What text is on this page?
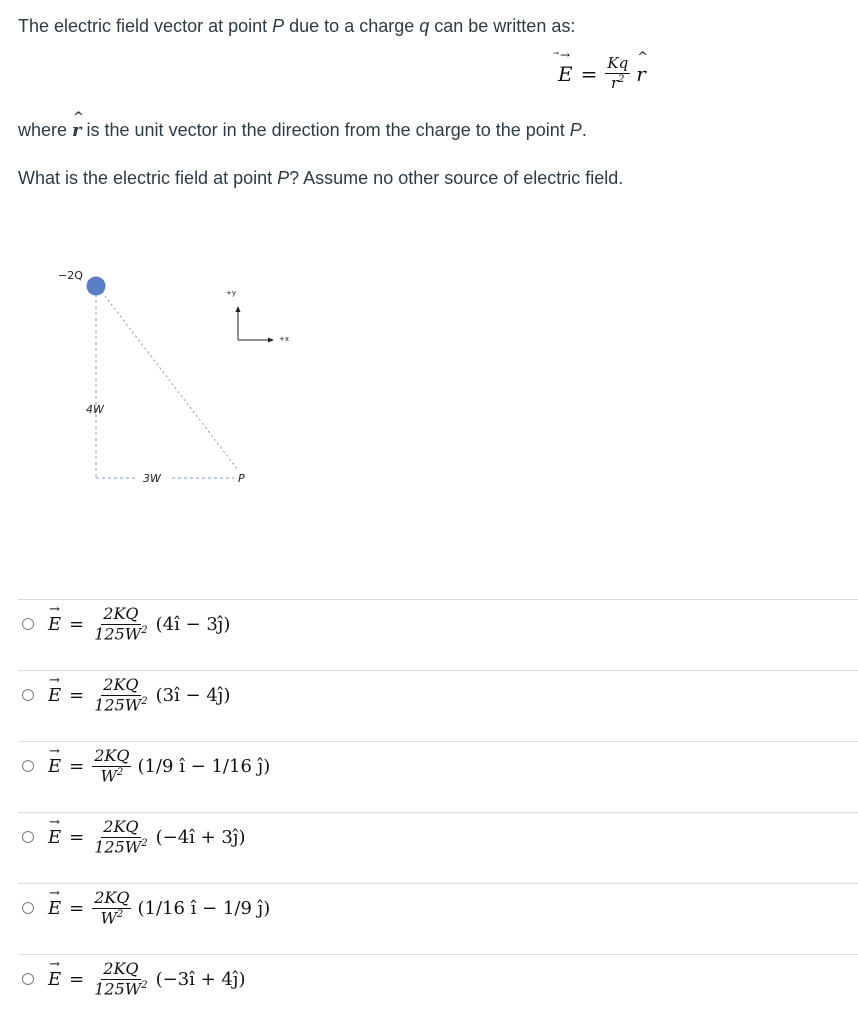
The electric field vector at point P due to a charge q can be written as:
→
$E = \frac{Kq}{r^2}$ ^
r
where
^
r is the unit vector in the direction from the charge to the point P.
What is the electric field at point P? Assume no other source of electric field.
−2Q
4W
3W	P
+y
+x
→
$E = \frac{2KQ}{125W^2}$ (4î − 3ĵ)
→
$E = \frac{2KQ}{125W^2}$ (3î − 4ĵ)
→
$E = \frac{2KQ}{W^2} (1/9$ î − 1/16 ĵ)
→
$E = \frac{2KQ}{125W^2}$ (−4î + 3ĵ)
→
$E = \frac{2KQ}{W^2} (1/16$ î − 1/9 ĵ)
→
$E = \frac{2KQ}{125W^2}$ (−3î + 4ĵ)
